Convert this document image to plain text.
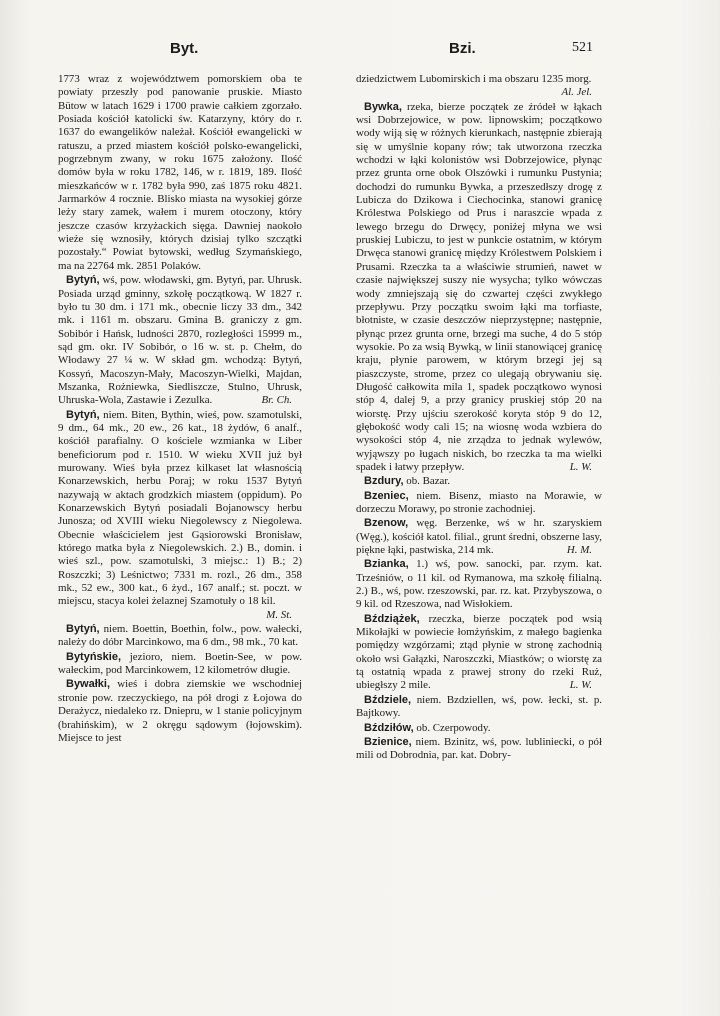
Byt.	Bzi.	521

1773 wraz z województwem pomorskiem oba te powiaty przeszły pod panowanie pruskie. Miasto Bütow w latach 1629 i 1700 prawie całkiem zgorzało. Posiada kościół katolicki św. Katarzyny, który do r. 1637 do ewangelików należał. Kościół ewangelicki w ratuszu, a przed miastem kościół polsko-ewangelicki, pogrzebnym zwany, w roku 1675 założony. Ilość domów była w roku 1782, 146, w r. 1819, 189. Ilość mieszkańców w r. 1782 była 990, zaś 1875 roku 4821. Jarmarków 4 rocznie. Blisko miasta na wysokiej górze leży stary zamek, wałem i murem otoczony, który jeszcze czasów krzyżackich sięga. Dawniej naokoło wieże się wznosiły, których dzisiaj tylko szczątki pozostały.“ Powiat bytowski, według Szymańskiego, ma na 22764 mk. 2851 Polaków.

Bytyń, wś, pow. włodawski, gm. Bytyń, par. Uhrusk. Posiada urząd gminny, szkołę początkową. W 1827 r. było tu 30 dm. i 171 mk., obecnie liczy 33 dm., 342 mk. i 1161 m. obszaru. Gmina B. graniczy z gm. Sobibór i Hańsk, ludności 2870, rozległości 15999 m., sąd gm. okr. IV Sobibór, o 16 w. st. p. Chełm, do Włodawy 27 ¼ w. W skład gm. wchodzą: Bytyń, Kossyń, Macoszyn-Mały, Macoszyn-Wielki, Majdan, Mszanka, Rożniewka, Siedliszcze, Stulno, Uhrusk, Uhruska-Wola, Zastawie i Zezulka.	Br. Ch.

Bytyń, niem. Biten, Bythin, wieś, pow. szamotulski, 9 dm., 64 mk., 20 ew., 26 kat., 18 żydów, 6 analf., kościół parafialny. O kościele wzmianka w Liber beneficiorum pod r. 1510. W wieku XVII już był murowany. Wieś była przez kilkaset lat własnością Konarzewskich, herbu Poraj; w roku 1537 Bytyń nazywają w aktach grodzkich miastem (oppidum). Po Konarzewskich Bytyń posiadali Bojanowscy herbu Junosza; od XVIII wieku Niegolewscy z Niegolewa. Obecnie właścicielem jest Gąsiorowski Bronisław, którego matka była z Niegolewskich. 2.) B., domin. i wieś szl., pow. szamotulski, 3 miejsc.: 1) B.; 2) Roszczki; 3) Leśnictwo; 7331 m. rozl., 26 dm., 358 mk., 52 ew., 300 kat., 6 żyd., 167 analf.; st. poczt. w miejscu, stacya kolei żelaznej Szamotuły o 18 kil.
M. St.

Bytyń, niem. Boettin, Boethin, folw., pow. wałecki, należy do dóbr Marcinkowo, ma 6 dm., 98 mk., 70 kat.

Bytyńskie, jezioro, niem. Boetin-See, w pow. wałeckim, pod Marcinkowem, 12 kilometrów długie.

Bywałki, wieś i dobra ziemskie we wschodniej stronie pow. rzeczyckiego, na pół drogi z Łojowa do Derażycz, niedaleko rz. Dniepru, w 1 stanie policyjnym (brahińskim), w 2 okręgu sądowym (łojowskim). Miejsce to jest

dziedzictwem Lubomirskich i ma obszaru 1235 morg.
Al. Jel.

Bywka, rzeka, bierze początek ze źródeł w łąkach wsi Dobrzejowice, w pow. lipnowskim; początkowo wody wiją się w różnych kierunkach, następnie zbierają się w umyślnie kopany rów; tak utworzona rzeczka wchodzi w łąki kolonistów wsi Dobrzejowice, płynąc przez grunta orne obok Olszówki i rumunku Pustynia; dochodzi do rumunku Bywka, a przeszedłszy drogę z Lubicza do Dzikowa i Ciechocinka, stanowi granicę Królestwa Polskiego od Prus i naraszcie wpada z lewego brzegu do Drwęcy, poniżej młyna we wsi pruskiej Lubiczu, to jest w punkcie ostatnim, w którym Drwęca stanowi granicę między Królestwem Polskiem i Prusami. Rzeczka ta a właściwie strumień, nawet w czasie największej suszy nie wysycha; tylko wówczas wody zmniejszają się do czwartej części zwykłego przepływu. Przy początku swoim łąki ma torfiaste, błotniste, w czasie deszczów nieprzystępne; następnie, płynąc przez grunta orne, brzegi ma suche, 4 do 5 stóp wysokie. Po za wsią Bywką, w linii stanowiącej granicę kraju, płynie parowem, w którym brzegi jej są piaszczyste, strome, przez co ulegają obrywaniu się. Długość całkowita mila 1, spadek początkowo wynosi stóp 4, dalej 9, a przy granicy pruskiej stóp 20 na wiorstę. Przy ujściu szerokość koryta stóp 9 do 12, głębokość wody cali 15; na wiosnę woda wzbiera do wysokości stóp 4, nie zrządza to jednak wylewów, wyjąwszy po ługach niskich, bo rzeczka ta ma wielki spadek i łatwy przepływ.	L. W.

Bzdury, ob. Bazar.

Bzeniec, niem. Bisenz, miasto na Morawie, w dorzeczu Morawy, po stronie zachodniej.

Bzenow, węg. Berzenke, wś w hr. szaryskiem (Węg.), kościół katol. filial., grunt średni, obszerne lasy, piękne łąki, pastwiska, 214 mk.	H. M.

Bzianka, 1.) wś, pow. sanocki, par. rzym. kat. Trześniów, o 11 kil. od Rymanowa, ma szkołę filialną. 2.) B., wś, pow. rzeszowski, par. rz. kat. Przybyszowa, o 9 kil. od Rzeszowa, nad Wisłokiem.

Bździążek, rzeczka, bierze początek pod wsią Mikołajki w powiecie łomżyńskim, z małego bagienka pomiędzy wzgórzami; ztąd płynie w stronę zachodnią około wsi Gałązki, Naroszczki, Miastków; o wiorstę za tą ostatnią wpada z prawej strony do rzeki Ruż, ubiegłszy 2 mile.	L. W.

Bździele, niem. Bzdziellen, wś, pow. łecki, st. p. Bajtkowy.

Bździłów, ob. Czerpowody.

Bzienice, niem. Bzinitz, wś, pow. lubliniecki, o pół mili od Dobrodnia, par. kat. Dobry-
